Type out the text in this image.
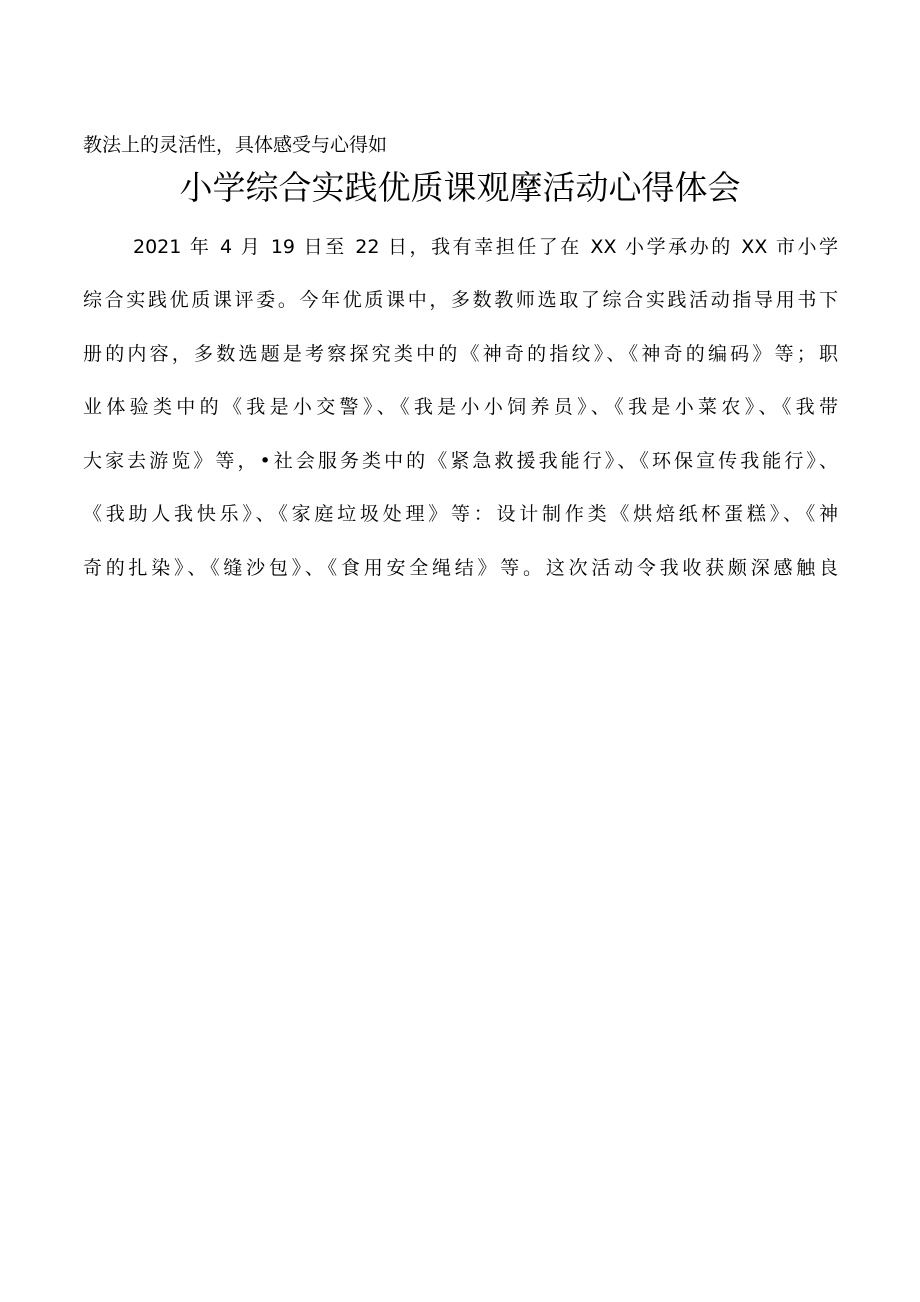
教法上的灵活性，具体感受与心得如
小学综合实践优质课观摩活动心得体会
2021 年 4 月 19 日至 22 日，我有幸担任了在 XX 小学承办的 XX 市小学
综合实践优质课评委。今年优质课中，多数教师选取了综合实践活动指导用书下
册的内容，多数选题是考察探究类中的《神奇的指纹》、《神奇的编码》等；职
业体验类中的《我是小交警》、《我是小小饲养员》、《我是小菜农》、《我带
大家去游览》等，•社会服务类中的《紧急救援我能行》、《环保宣传我能行》、
《我助人我快乐》、《家庭垃圾处理》等：设计制作类《烘焙纸杯蛋糕》、《神
奇的扎染》、《缝沙包》、《食用安全绳结》等。这次活动令我收获颇深感触良
